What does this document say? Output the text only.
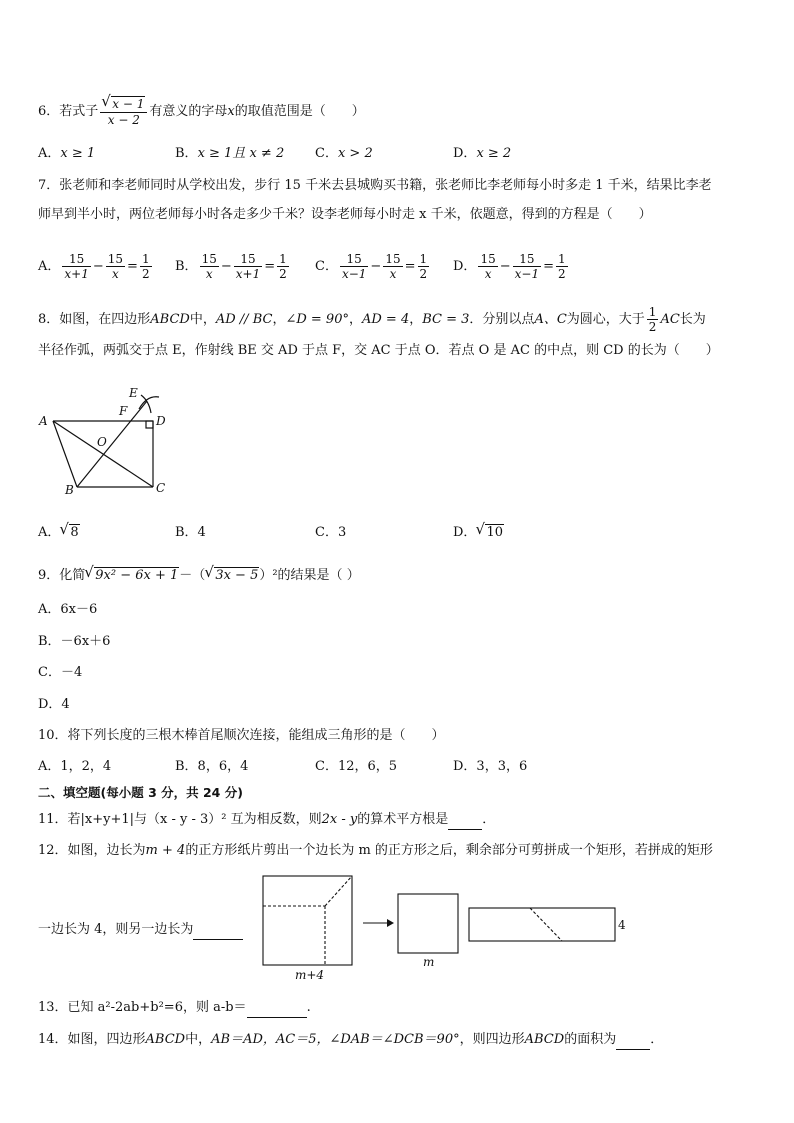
6．若式子 √ $\frac{x - 1}{x - 2}$ 有意义的字母x的取值范围是（　　）
A．x ≥ 1	B．x ≥ 1且 x ≠ 2 C．x > 2	D．x ≥ 2
7．张老师和李老师同时从学校出发，步行 15 千米去县城购买书籍，张老师比李老师每小时多走 1 千米，结果比李老
师早到半小时，两位老师每小时各走多少千米？设李老师每小时走 x 千米，依题意，得到的方程是（　　）
A． $\frac{15}{x+1} - \frac{15}{x} = \frac{1}{2}$ B． $\frac{15}{x} - \frac{15}{x+1} = \frac{1}{2}$ C． $\frac{15}{x-1} - \frac{15}{x} = \frac{1}{2}$ D． $\frac{15}{x} - \frac{15}{x-1} = \frac{1}{2}$
8．如图，在四边形ABCD中，AD // BC，∠D = 90°，AD = 4，BC = 3．分别以点A、C为圆心，大于 $\frac{1}{2}$ AC长为
半径作弧，两弧交于点 E，作射线 BE 交 AD 于点 F，交 AC 于点 O．若点 O 是 AC 的中点，则 CD 的长为（　　）
E
F
D
A
O
B	C
A． √ 8	B．4	C．3	D． √ 10
9．化简 √ 9x² − 6x + 1－（ √ 3x − 5）²的结果是（ ）
A．6x－6
B．－6x＋6
C．－4
D．4
10．将下列长度的三根木棒首尾顺次连接，能组成三角形的是（　　）
A．1，2，4	B．8，6，4	C．12，6，5	D．3，3，6
二、填空题(每小题 3 分，共 24 分)
11．若|x+y+1|与（x - y - 3）² 互为相反数，则2x - y的算术平方根是	．
12．如图，边长为m + 4的正方形纸片剪出一个边长为 m 的正方形之后，剩余部分可剪拼成一个矩形，若拼成的矩形
一边长为 4，则另一边长为
m+4
m
4
13．已知 a²-2ab+b²=6，则 a-b＝	.
14．如图，四边形ABCD中，AB＝AD，AC＝5，∠DAB＝∠DCB＝90°，则四边形ABCD的面积为	．
